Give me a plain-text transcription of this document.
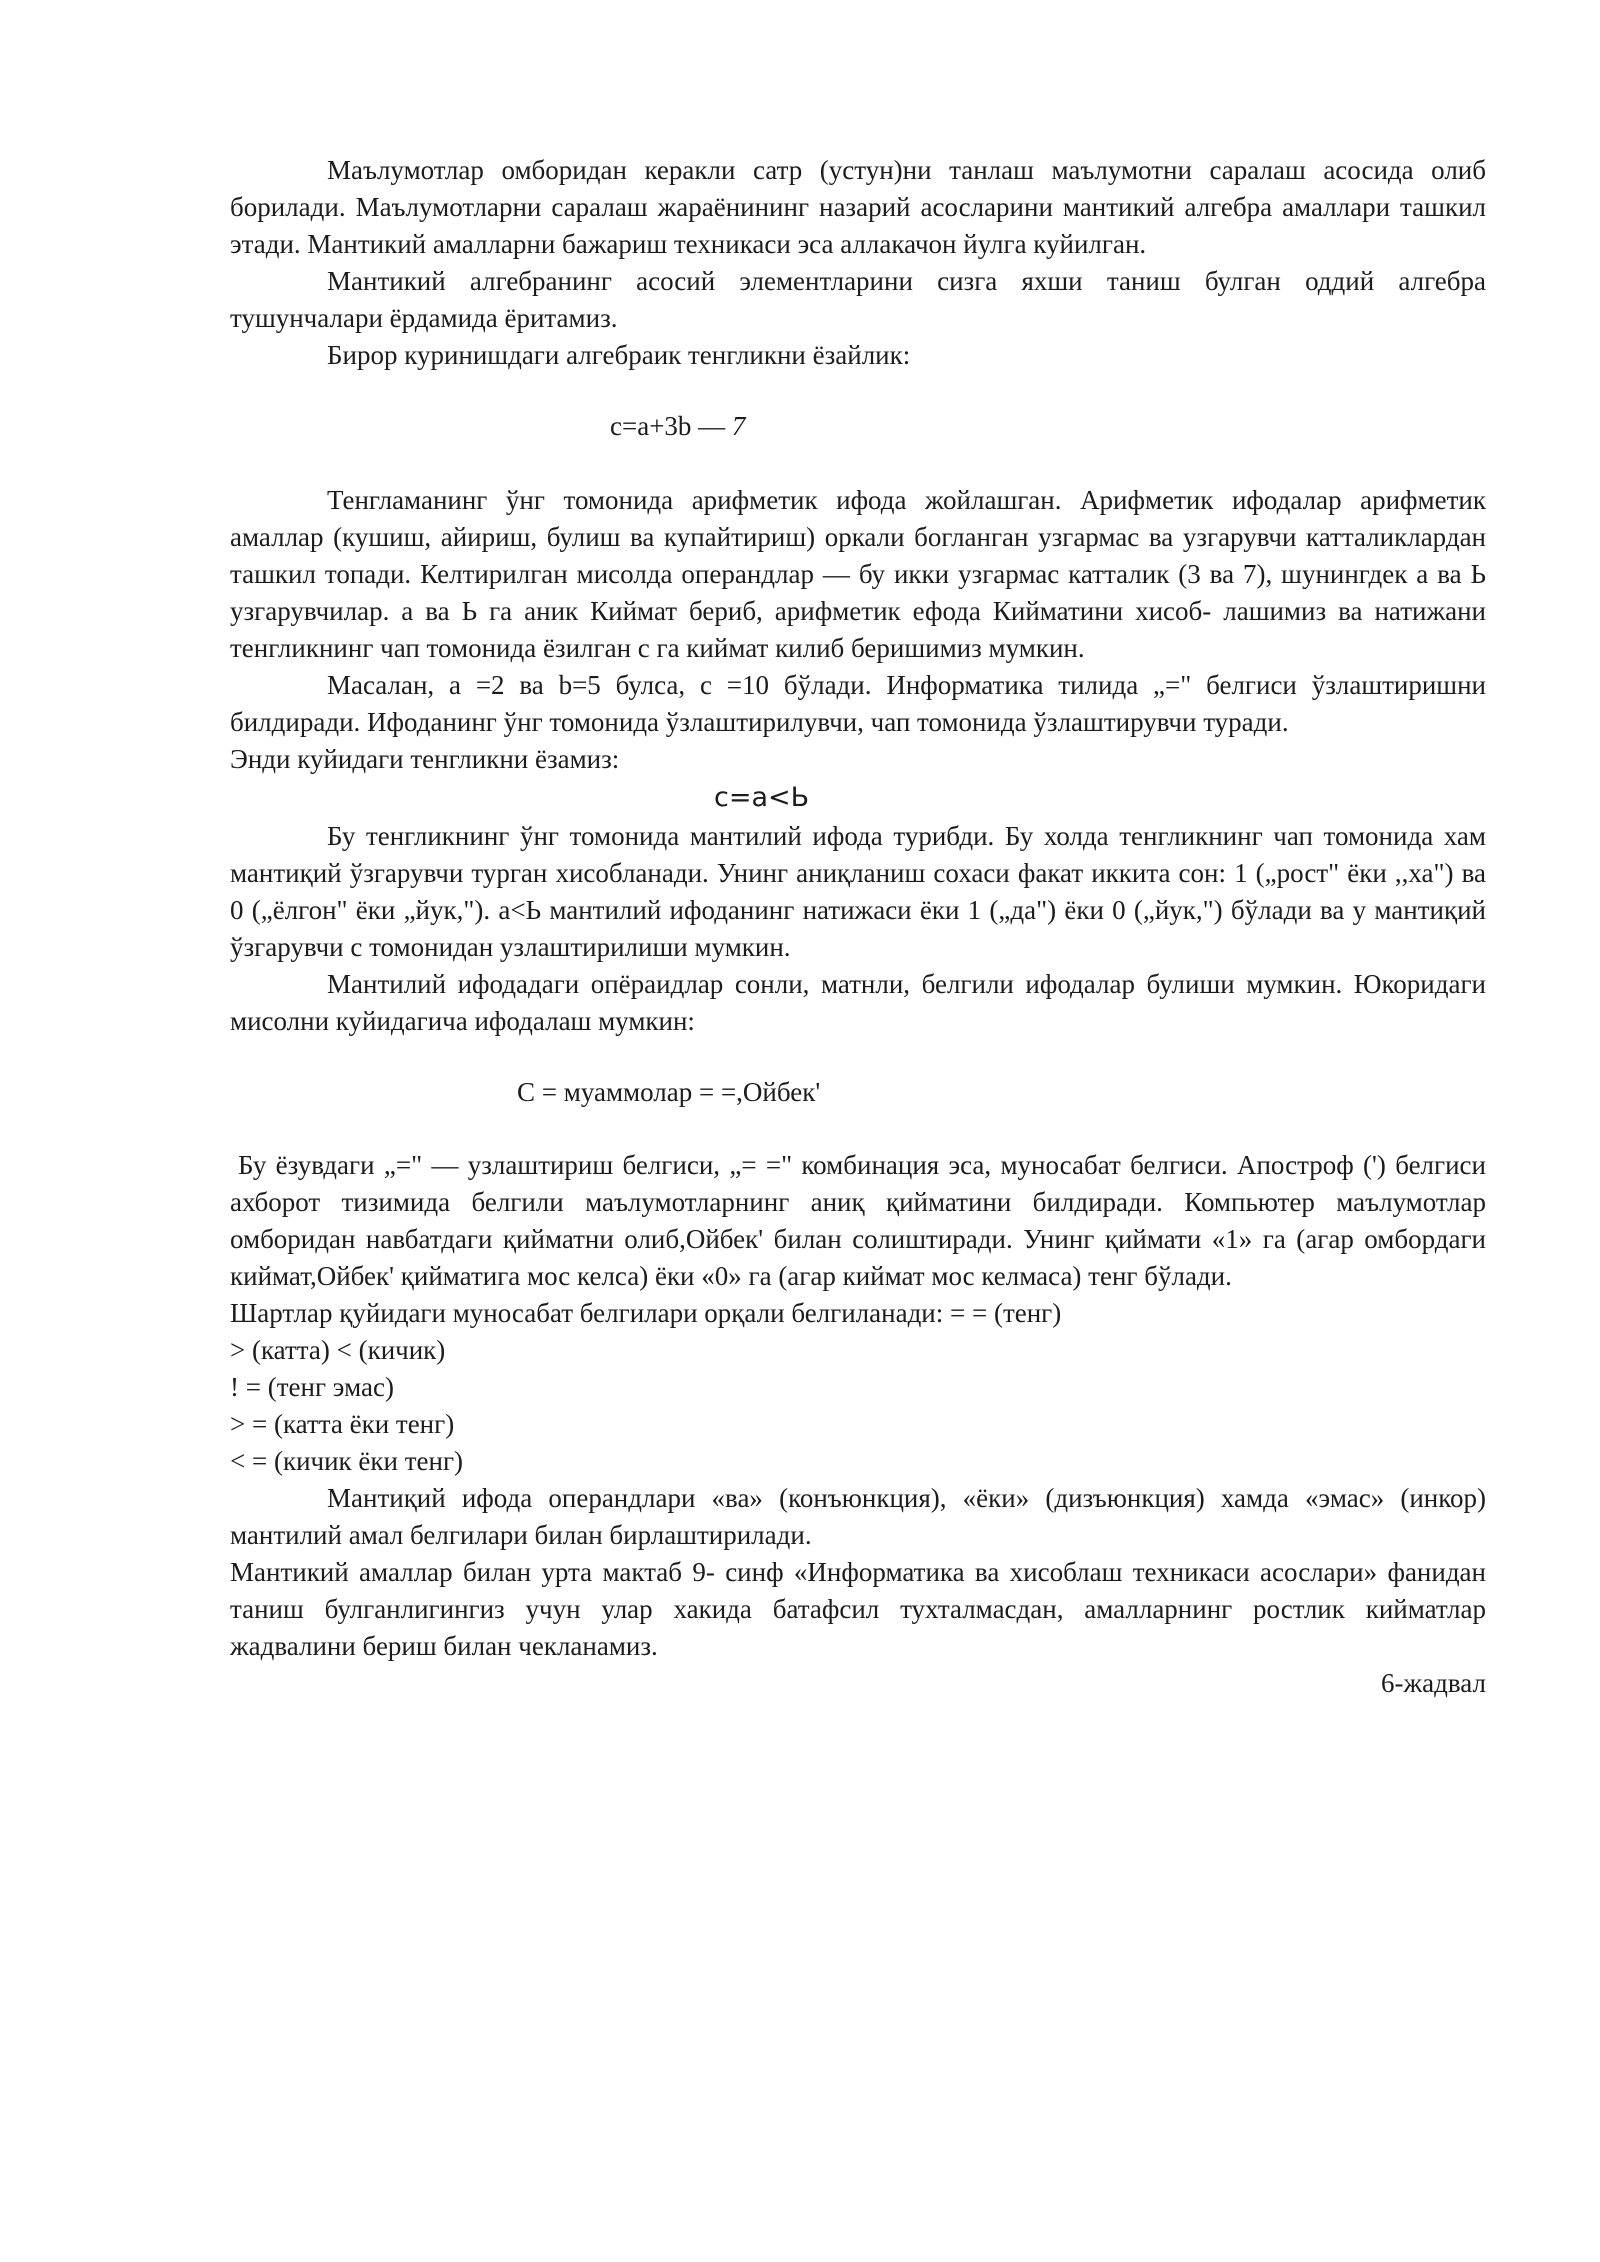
Маълумотлар омборидан керакли сатр (устун)ни танлаш маълумотни саралаш асосида олиб борилади. Маълумотларни саралаш жараёнининг назарий асосларини мантикий алгебра амаллари ташкил этади. Мантикий амалларни бажариш техникаси эса аллакачон йулга куйилган.

Мантикий алгебранинг асосий элементларини сизга яхши таниш булган оддий алгебра тушунчалари ёрдамида ёритамиз.

Бирор куринишдаги алгебраик тенгликни ёзайлик:

c=a+3b — 7

Тенгламанинг ўнг томонида арифметик ифода жойлашган. Арифметик ифодалар арифметик амаллар (кушиш, айириш, булиш ва купайтириш) оркали богланган узгармас ва узгарувчи катталиклардан ташкил топади. Келтирилган мисолда операндлар — бу икки узгармас катталик (3 ва 7), шунингдек а ва Ь узгарувчилар. а ва Ь га аник Киймат бериб, арифметик ефода Кийматини хисоб- лашимиз ва натижани тенгликнинг чап томонида ёзилган с га киймат килиб беришимиз мумкин.

Масалан, а =2 ва b=5 булса, с =10 бўлади. Информатика тилида „=" белгиси ўзлаштиришни билдиради. Ифоданинг ўнг томонида ўзлаштирилувчи, чап томонида ўзлаштирувчи туради.

Энди куйидаги тенгликни ёзамиз:

c=a<Ь

Бу тенгликнинг ўнг томонида мантилий ифода турибди. Бу холда тенгликнинг чап томонида хам мантиқий ўзгарувчи турган хисобланади. Унинг аниқланиш сохаси факат иккита сон: 1 („рост" ёки ,,ха") ва 0 („ёлгон" ёки „йук,"). а<Ь мантилий ифоданинг натижаси ёки 1 („да") ёки 0 („йук,") бўлади ва у мантиқий ўзгарувчи с томонидан узлаштирилиши мумкин.

Мантилий ифодадаги опёраидлар сонли, матнли, белгили ифодалар булиши мумкин. Юкоридаги мисолни куйидагича ифодалаш мумкин:

С = муаммолар = =,Ойбек'

Бу ёзувдаги „=" — узлаштириш белгиси, „= =" комбинация эса, муносабат белгиси. Апостроф (') белгиси ахборот тизимида белгили маълумотларнинг аниқ қийматини билдиради. Компьютер маълумотлар омборидан навбатдаги қийматни олиб,Ойбек' билан солиштиради. Унинг қиймати «1» га (агар омбордаги киймат,Ойбек' қийматига мос келса) ёки «0» га (агар киймат мос келмаса) тенг бўлади.

Шартлар қуйидаги муносабат белгилари орқали белгиланади: = = (тенг)

> (катта) < (кичик)

! = (тенг эмас)

> = (катта ёки тенг)

< = (кичик ёки тенг)

Мантиқий ифода операндлари «ва» (конъюнкция), «ёки» (дизъюнкция) хамда «эмас» (инкор) мантилий амал белгилари билан бирлаштирилади.

Мантикий амаллар билан урта мактаб 9- синф «Информатика ва хисоблаш техникаси асослари» фанидан таниш булганлигингиз учун улар хакида батафсил тухталмасдан, амалларнинг ростлик кийматлар жадвалини бериш билан чекланамиз.

6-жадвал
